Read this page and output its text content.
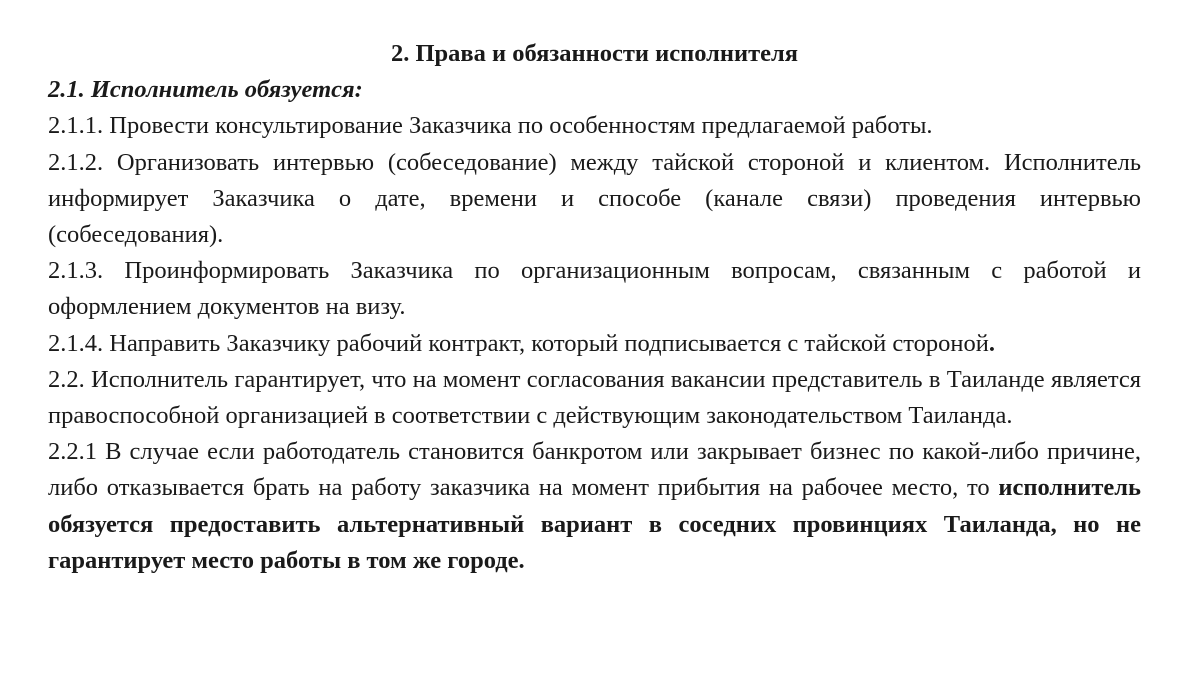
2. Права и обязанности исполнителя

2.1. Исполнитель обязуется:

2.1.1. Провести консультирование Заказчика по особенностям предлагаемой работы.

2.1.2. Организовать интервью (собеседование) между тайской стороной и клиентом. Исполнитель информирует Заказчика о дате, времени и способе (канале связи) проведения интервью (собеседования).

2.1.3. Проинформировать Заказчика по организационным вопросам, связанным с работой и оформлением документов на визу.

2.1.4. Направить Заказчику рабочий контракт, который подписывается с тайской стороной.

2.2. Исполнитель гарантирует, что на момент согласования вакансии представитель в Таиланде является правоспособной организацией в соответствии с действующим законодательством Таиланда.

2.2.1 В случае если работодатель становится банкротом или закрывает бизнес по какой-либо причине, либо отказывается брать на работу заказчика на момент прибытия на рабочее место, то исполнитель обязуется предоставить альтернативный вариант в соседних провинциях Таиланда, но не гарантирует место работы в том же городе.
